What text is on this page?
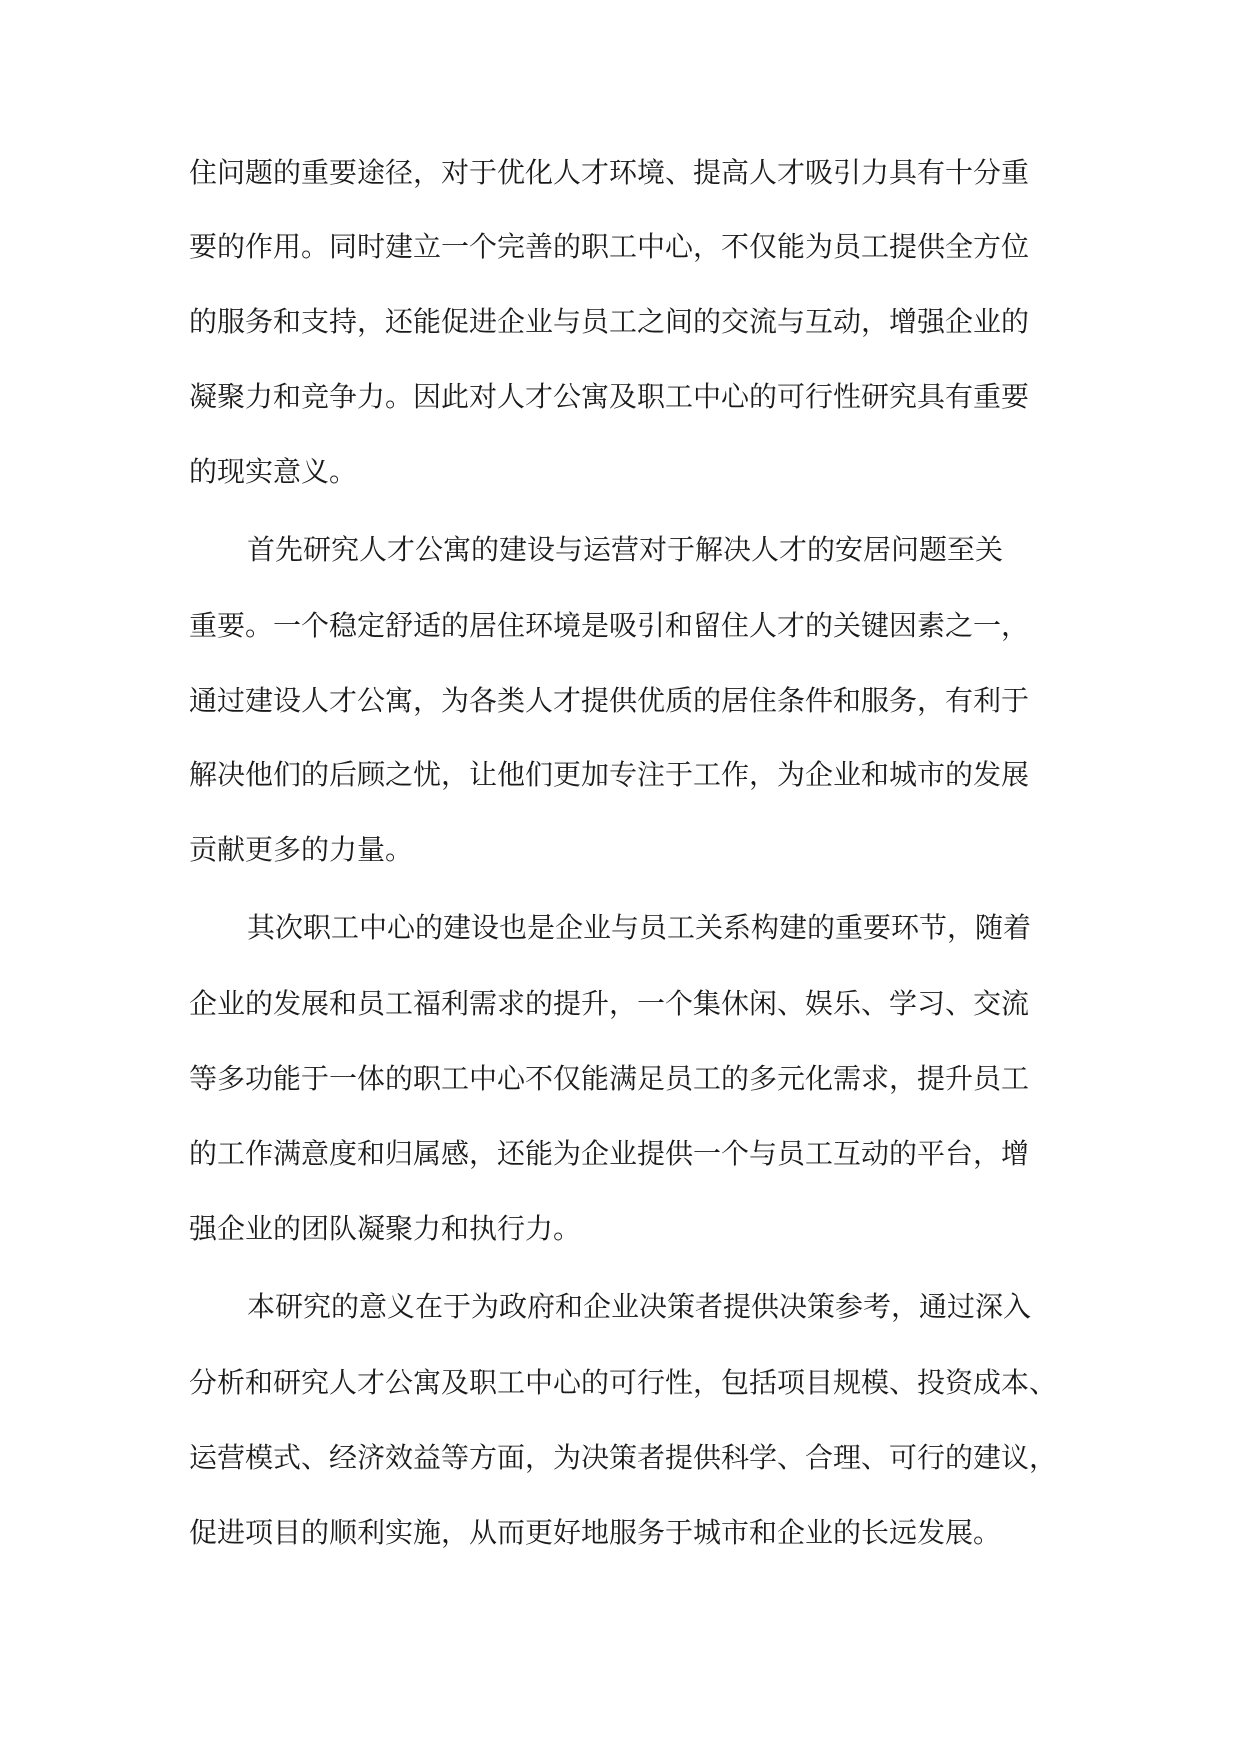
住问题的重要途径，对于优化人才环境、提高人才吸引力具有十分重
要的作用。同时建立一个完善的职工中心，不仅能为员工提供全方位
的服务和支持，还能促进企业与员工之间的交流与互动，增强企业的
凝聚力和竞争力。因此对人才公寓及职工中心的可行性研究具有重要
的现实意义。
首先研究人才公寓的建设与运营对于解决人才的安居问题至关
重要。一个稳定舒适的居住环境是吸引和留住人才的关键因素之一，
通过建设人才公寓，为各类人才提供优质的居住条件和服务，有利于
解决他们的后顾之忧，让他们更加专注于工作，为企业和城市的发展
贡献更多的力量。
其次职工中心的建设也是企业与员工关系构建的重要环节，随着
企业的发展和员工福利需求的提升，一个集休闲、娱乐、学习、交流
等多功能于一体的职工中心不仅能满足员工的多元化需求，提升员工
的工作满意度和归属感，还能为企业提供一个与员工互动的平台，增
强企业的团队凝聚力和执行力。
本研究的意义在于为政府和企业决策者提供决策参考，通过深入
分析和研究人才公寓及职工中心的可行性，包括项目规模、投资成本、
运营模式、经济效益等方面，为决策者提供科学、合理、可行的建议，
促进项目的顺利实施，从而更好地服务于城市和企业的长远发展。
